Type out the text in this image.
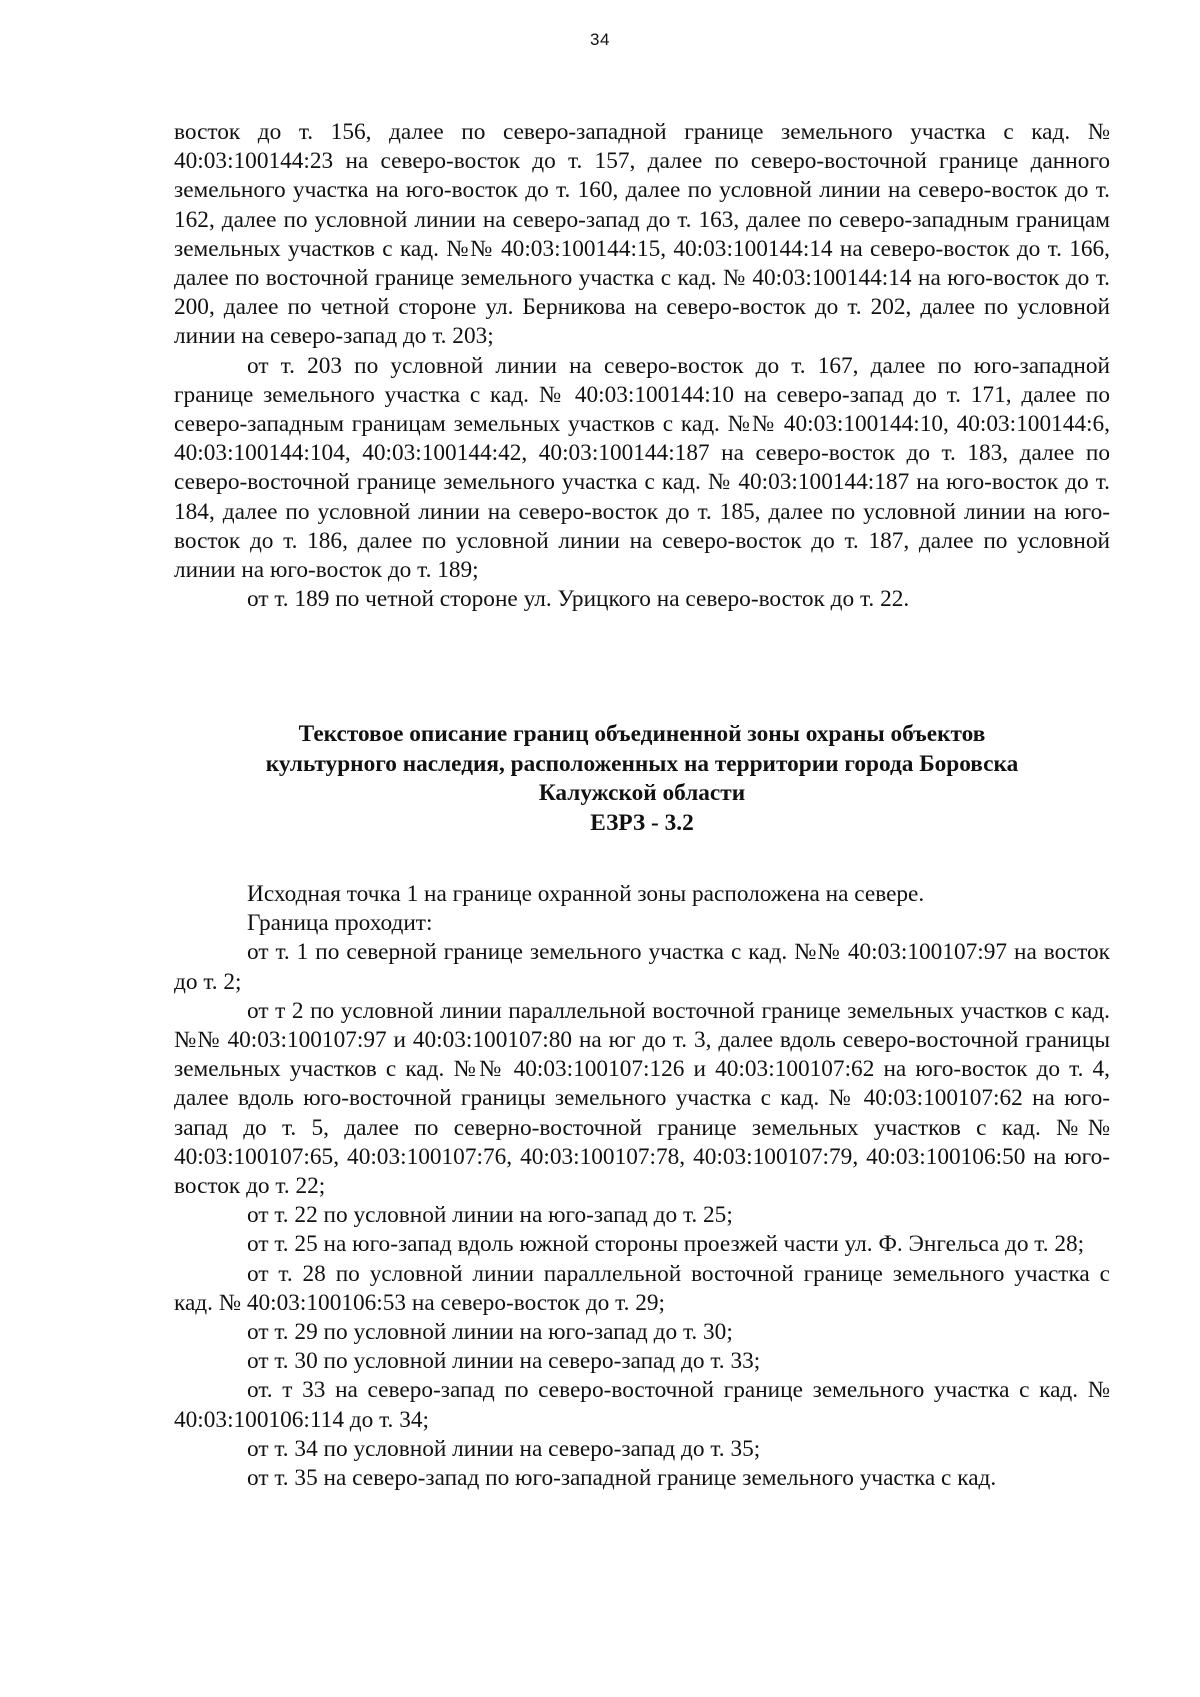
34

восток до т. 156, далее по северо-западной границе земельного участка с кад. № 40:03:100144:23 на северо-восток до т. 157, далее по северо-восточной границе данного земельного участка на юго-восток до т. 160, далее по условной линии на северо-восток до т. 162, далее по условной линии на северо-запад до т. 163, далее по северо-западным границам земельных участков с кад. №№ 40:03:100144:15, 40:03:100144:14 на северо-восток до т. 166, далее по восточной границе земельного участка с кад. № 40:03:100144:14 на юго-восток до т. 200, далее по четной стороне ул. Берникова на северо-восток до т. 202, далее по условной линии на северо-запад до т. 203;

от т. 203 по условной линии на северо-восток до т. 167, далее по юго-западной границе земельного участка с кад. № 40:03:100144:10 на северо-запад до т. 171, далее по северо-западным границам земельных участков с кад. №№ 40:03:100144:10, 40:03:100144:6, 40:03:100144:104, 40:03:100144:42, 40:03:100144:187 на северо-восток до т. 183, далее по северо-восточной границе земельного участка с кад. № 40:03:100144:187 на юго-восток до т. 184, далее по условной линии на северо-восток до т. 185, далее по условной линии на юго-восток до т. 186, далее по условной линии на северо-восток до т. 187, далее по условной линии на юго-восток до т. 189;

от т. 189 по четной стороне ул. Урицкого на северо-восток до т. 22.

Текстовое описание границ объединенной зоны охраны объектов
культурного наследия, расположенных на территории города Боровска
Калужской области
ЕЗРЗ - 3.2

Исходная точка 1 на границе охранной зоны расположена на севере.

Граница проходит:

от т. 1 по северной границе земельного участка с кад. №№ 40:03:100107:97 на восток до т. 2;

от т 2 по условной линии параллельной восточной границе земельных участков с кад. №№ 40:03:100107:97 и 40:03:100107:80 на юг до т. 3, далее вдоль северо-восточной границы земельных участков с кад. №№ 40:03:100107:126 и 40:03:100107:62 на юго-восток до т. 4, далее вдоль юго-восточной границы земельного участка с кад. № 40:03:100107:62 на юго-запад до т. 5, далее по северно-восточной границе земельных участков с кад. №№ 40:03:100107:65, 40:03:100107:76, 40:03:100107:78, 40:03:100107:79, 40:03:100106:50 на юго-восток до т. 22;

от т. 22 по условной линии на юго-запад до т. 25;

от т. 25 на юго-запад вдоль южной стороны проезжей части ул. Ф. Энгельса до т. 28;

от т. 28 по условной линии параллельной восточной границе земельного участка с кад. № 40:03:100106:53 на северо-восток до т. 29;

от т. 29 по условной линии на юго-запад до т. 30;

от т. 30 по условной линии на северо-запад до т. 33;

от. т 33 на северо-запад по северо-восточной границе земельного участка с кад. № 40:03:100106:114 до т. 34;

от т. 34 по условной линии на северо-запад до т. 35;

от т. 35 на северо-запад по юго-западной границе земельного участка с кад.
